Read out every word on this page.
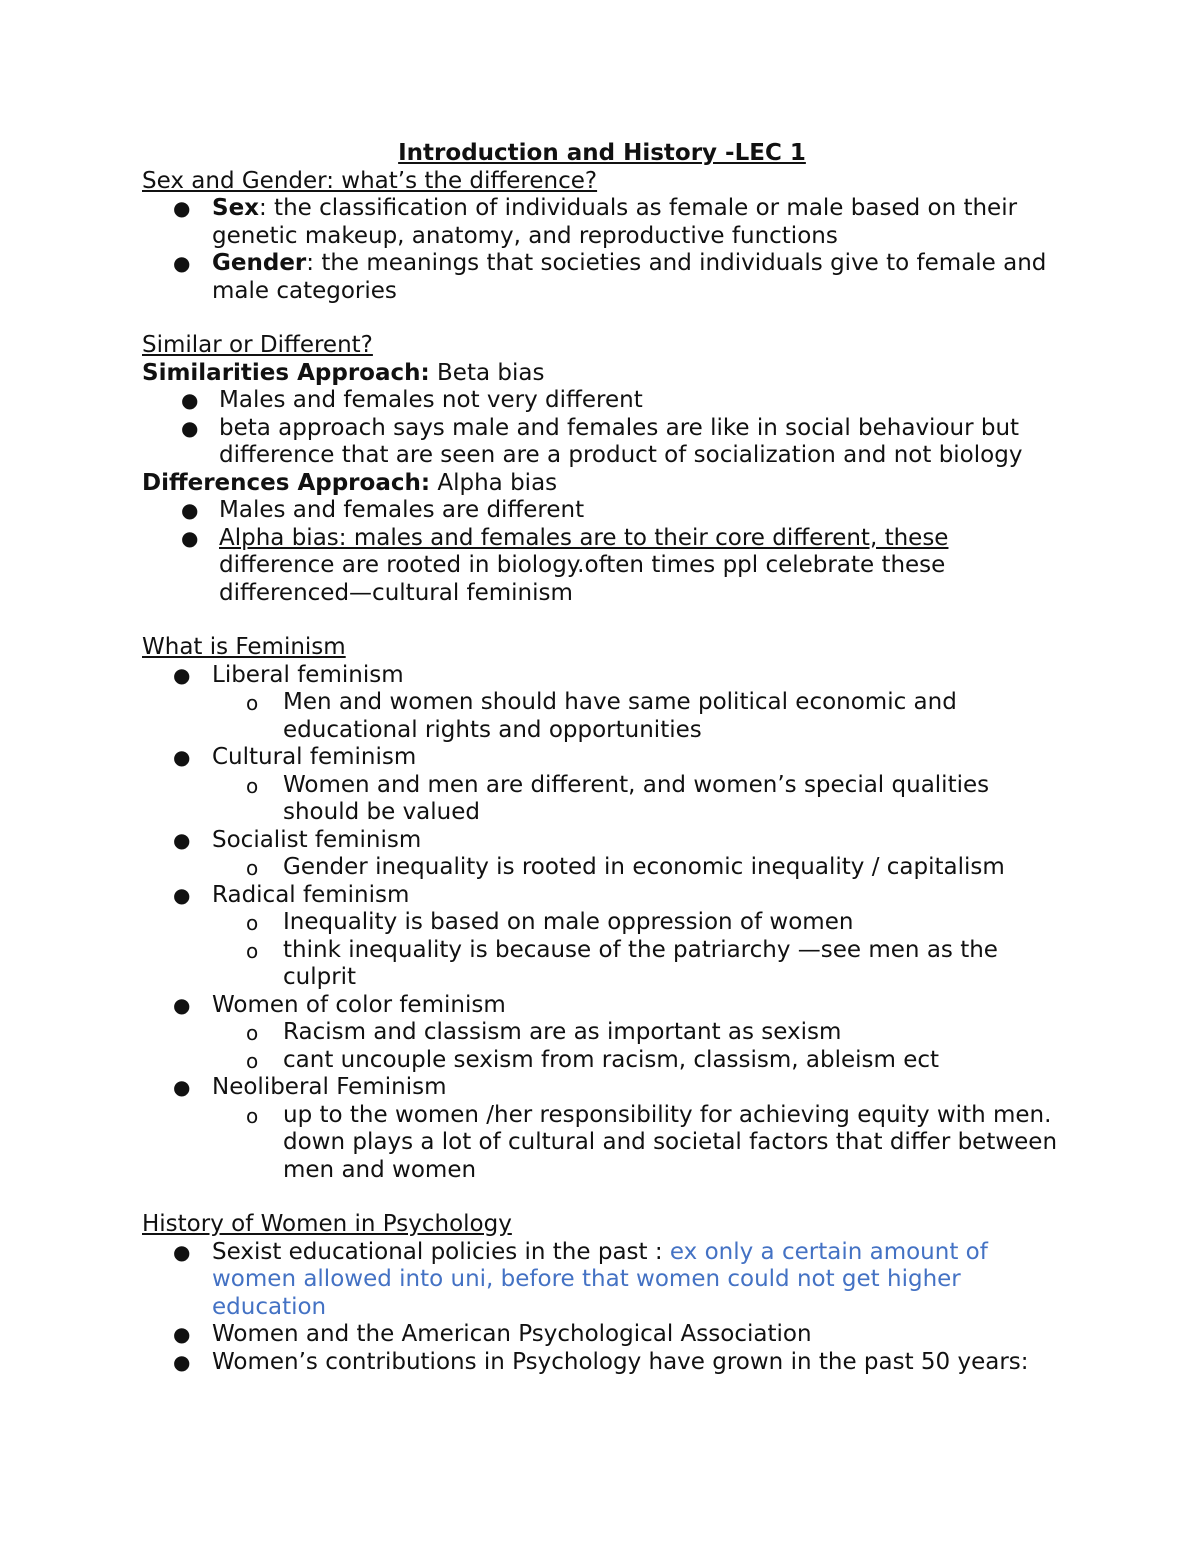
Introduction and History -LEC 1

Sex and Gender: what’s the difference?

● Sex: the classification of individuals as female or male based on their genetic makeup, anatomy, and reproductive functions
● Gender: the meanings that societies and individuals give to female and male categories

Similar or Different?

Similarities Approach: Beta bias

● Males and females not very different
● beta approach says male and females are like in social behaviour but difference that are seen are a product of socialization and not biology

Differences Approach: Alpha bias

● Males and females are different
● Alpha bias: males and females are to their core different, these difference are rooted in biology.often times ppl celebrate these differenced—cultural feminism

What is Feminism

● Liberal feminism
o Men and women should have same political economic and educational rights and opportunities
● Cultural feminism
o Women and men are different, and women’s special qualities should be valued
● Socialist feminism
o Gender inequality is rooted in economic inequality / capitalism
● Radical feminism
o Inequality is based on male oppression of women
o think inequality is because of the patriarchy —see men as the culprit
● Women of color feminism
o Racism and classism are as important as sexism
o cant uncouple sexism from racism, classism, ableism ect
● Neoliberal Feminism
o up to the women /her responsibility for achieving equity with men. down plays a lot of cultural and societal factors that differ between men and women

History of Women in Psychology

● Sexist educational policies in the past : ex only a certain amount of women allowed into uni, before that women could not get higher education
● Women and the American Psychological Association
● Women’s contributions in Psychology have grown in the past 50 years:
